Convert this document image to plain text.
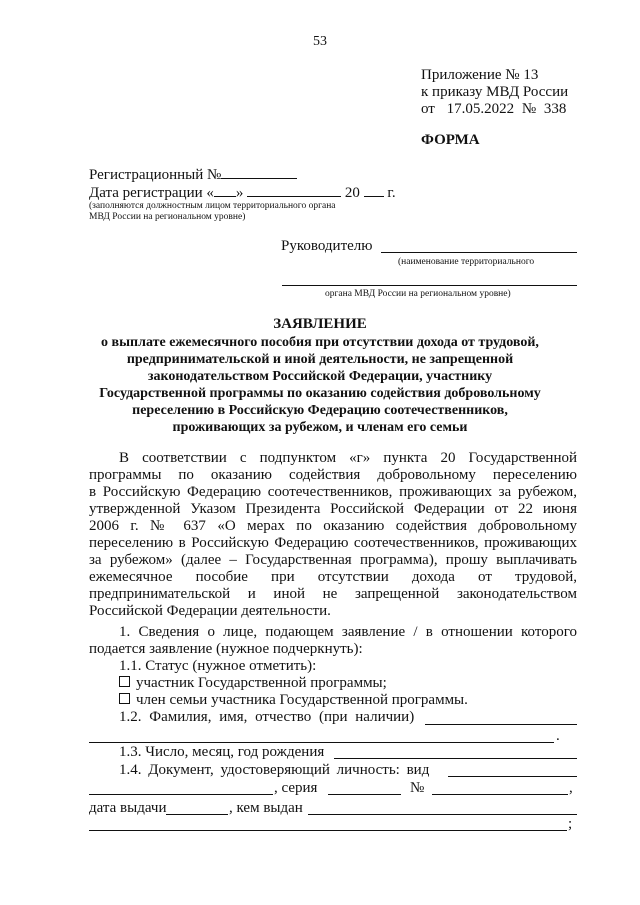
53
Приложение № 13
к приказу МВД России
от 17.05.2022 № 338
ФОРМА
Регистрационный №
Дата регистрации « »	20 г.
(заполняются должностным лицом территориального органа
МВД России на региональном уровне)
Руководителю
(наименование территориального
органа МВД России на региональном уровне)
ЗАЯВЛЕНИЕ
о выплате ежемесячного пособия при отсутствии дохода от трудовой,
предпринимательской и иной деятельности, не запрещенной
законодательством Российской Федерации, участнику
Государственной программы по оказанию содействия добровольному
переселению в Российскую Федерацию соотечественников,
проживающих за рубежом, и членам его семьи
В соответствии с подпунктом «г» пункта 20 Государственной
программы по оказанию содействия добровольному переселению
в Российскую Федерацию соотечественников, проживающих за рубежом,
утвержденной Указом Президента Российской Федерации от 22 июня
2006 г. № 637 «О мерах по оказанию содействия добровольному
переселению в Российскую Федерацию соотечественников, проживающих
за рубежом» (далее – Государственная программа), прошу выплачивать
ежемесячное пособие при отсутствии дохода от трудовой,
предпринимательской и иной не запрещенной законодательством
Российской Федерации деятельности.
1. Сведения о лице, подающем заявление / в отношении которого
подается заявление (нужное подчеркнуть):
1.1. Статус (нужное отметить):
участник Государственной программы;
член семьи участника Государственной программы.
1.2. Фамилия, имя, отчество (при наличии)
.
1.3. Число, месяц, год рождения
1.4. Документ, удостоверяющий личность: вид
, серия	№	,
дата выдачи	, кем выдан
;
